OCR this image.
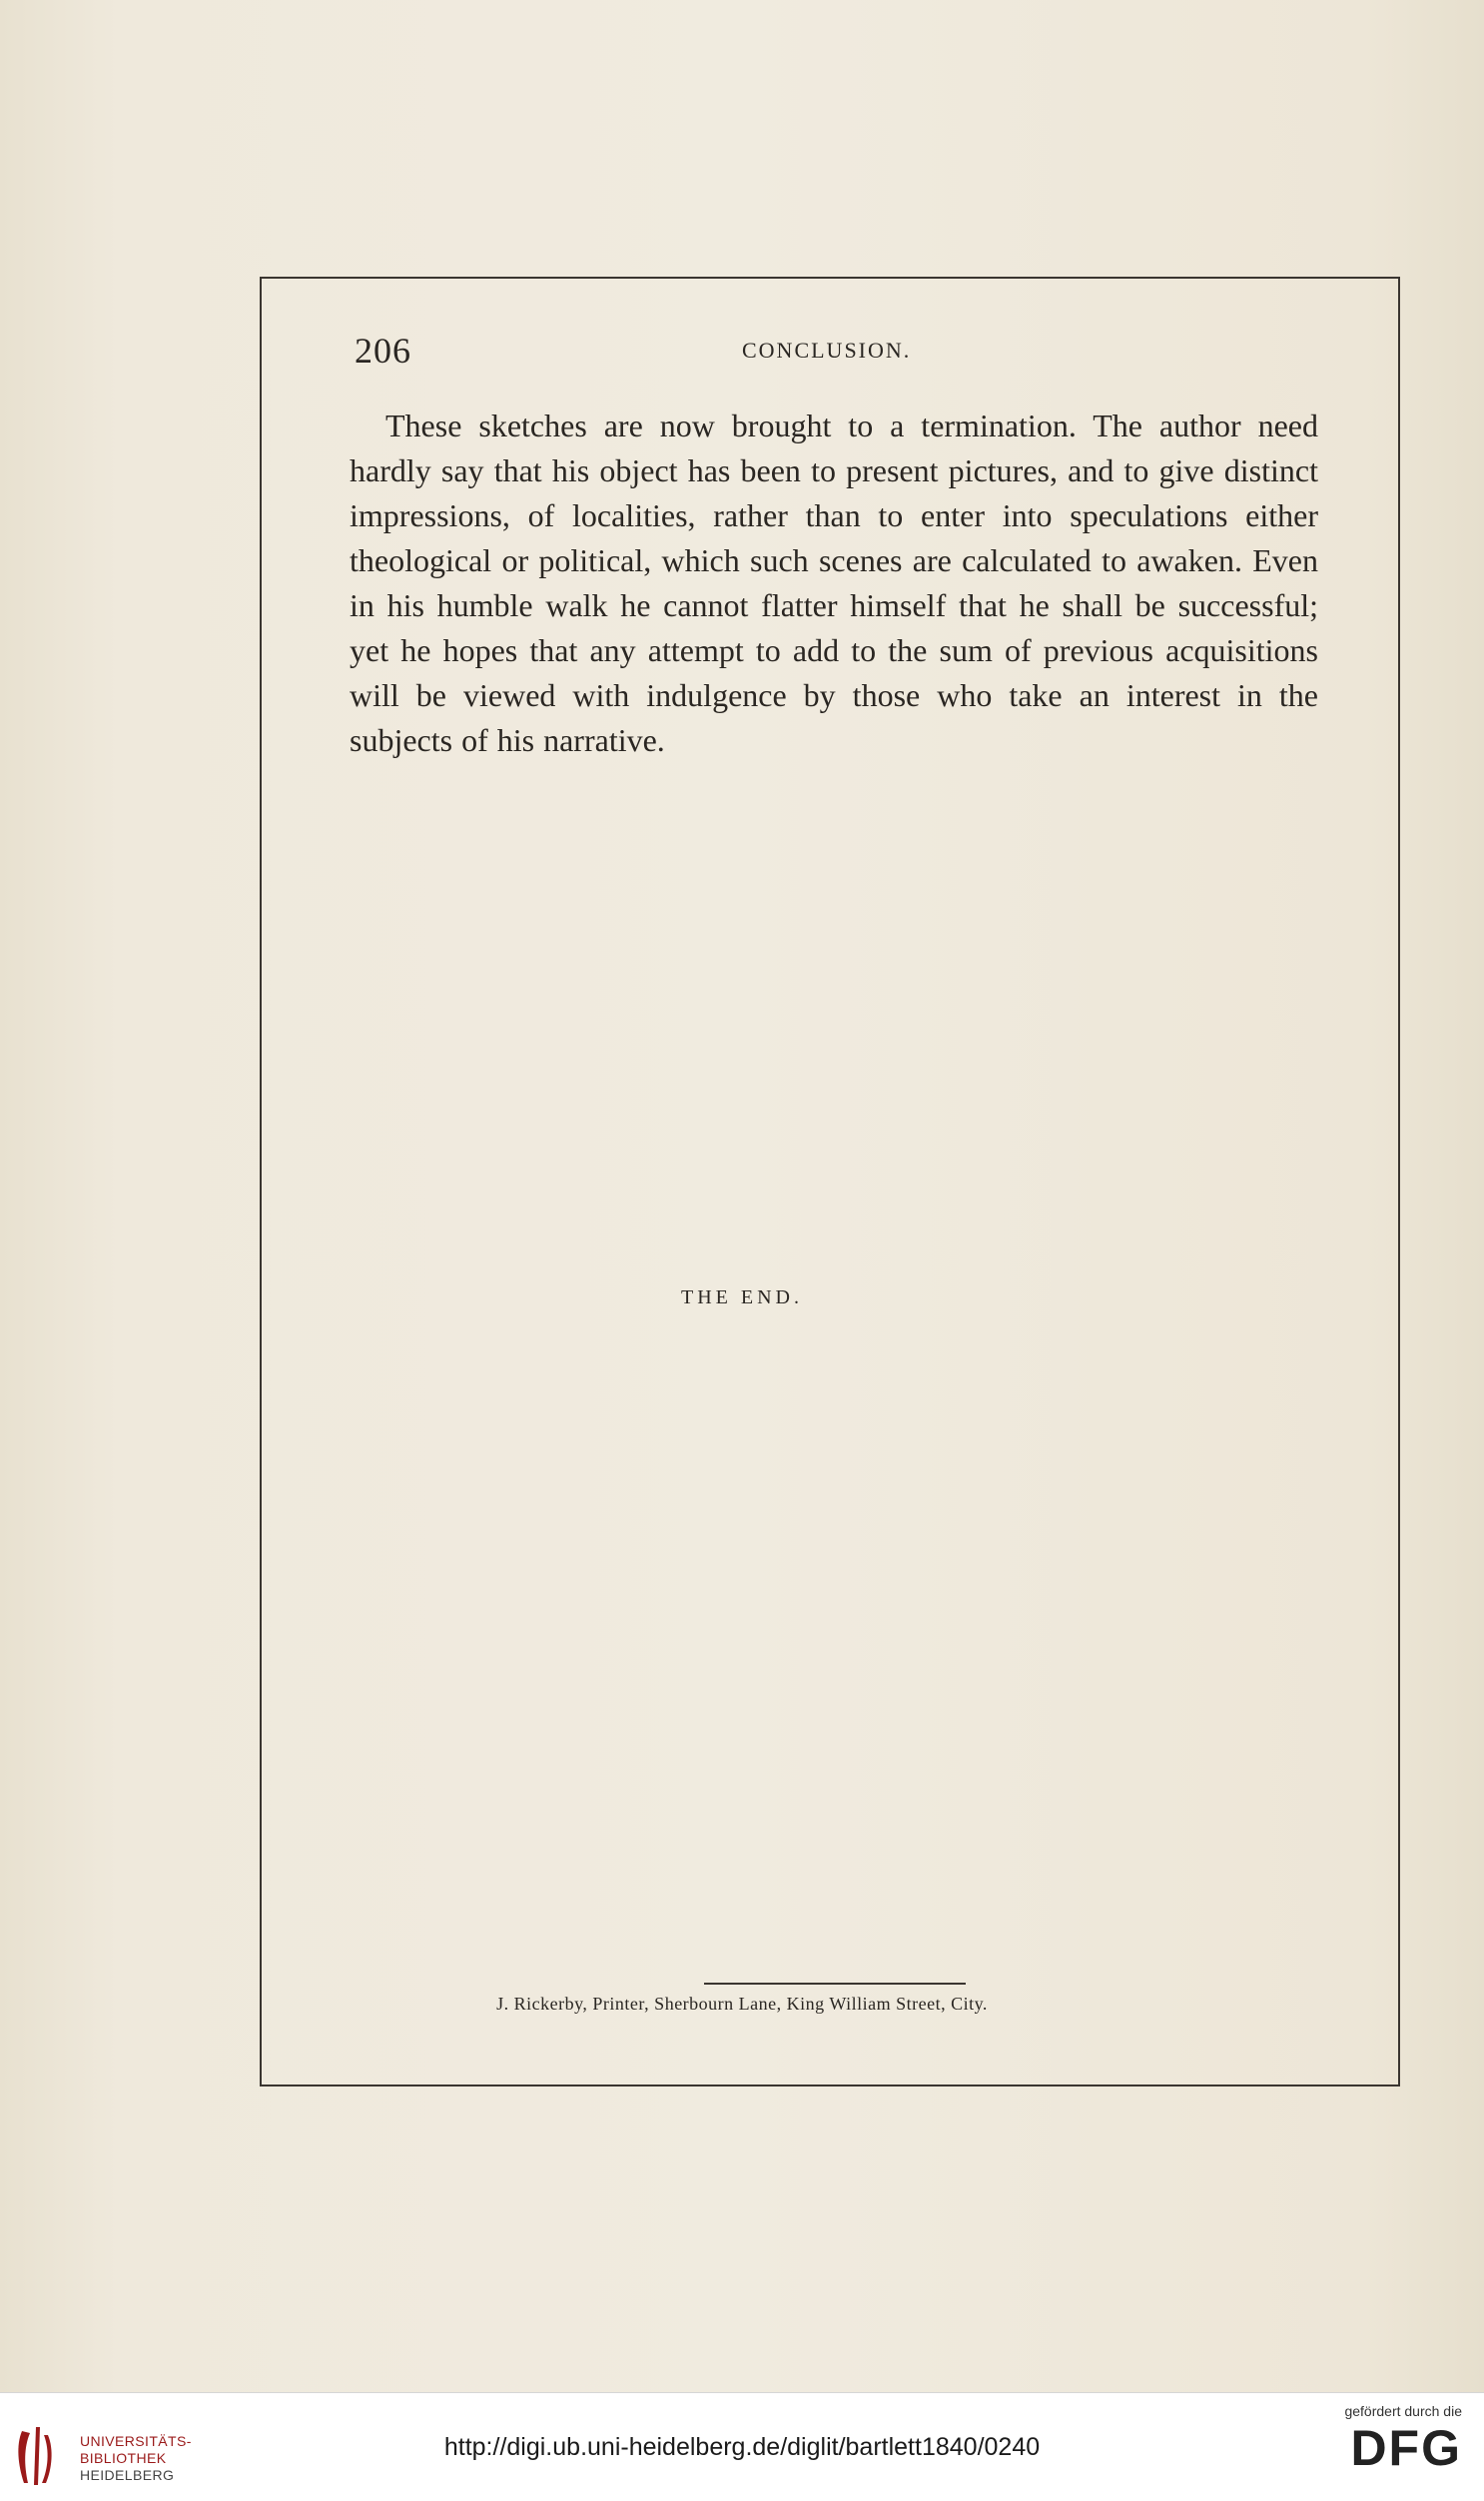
206	CONCLUSION.

These sketches are now brought to a termination. The author need hardly say that his object has been to present pictures, and to give distinct impressions, of localities, rather than to enter into speculations either theological or political, which such scenes are calculated to awaken. Even in his humble walk he cannot flatter himself that he shall be successful; yet he hopes that any attempt to add to the sum of previous acquisitions will be viewed with indulgence by those who take an interest in the subjects of his narrative.

THE END.
J. Rickerby, Printer, Sherbourn Lane, King William Street, City.
UNIVERSITÄTS-
BIBLIOTHEK
HEIDELBERG
http://digi.ub.uni-heidelberg.de/diglit/bartlett1840/0240
gefördert durch die
DFG
